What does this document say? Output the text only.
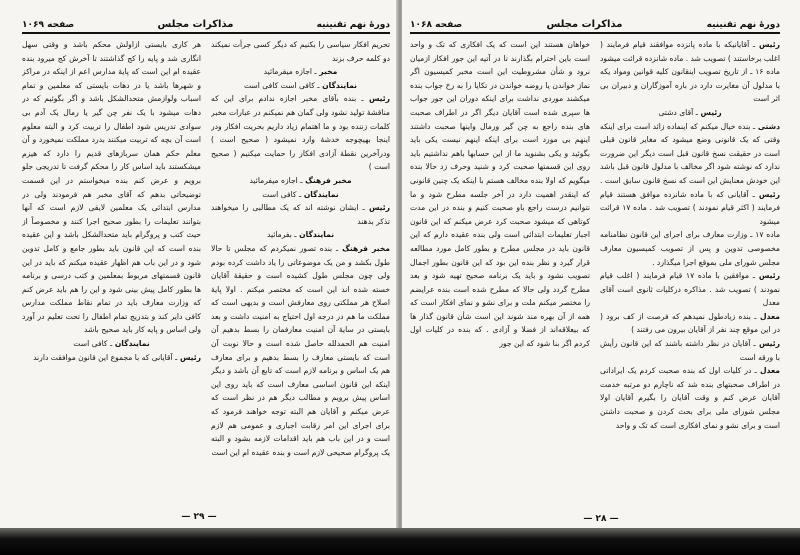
دورهٔ نهم تقنینیه
مذاکرات مجلس
صفحه ۱۰۶۹

تحریم افکار سیاسی را بکنیم که دیگر کسی جرأت نمیکند دو کلمه حرف بزند

مخبر ـ اجازه میفرمائید

نمایندگان ـ کافی است کافی است

رئیس ـ بنده بآقای مخبر اجازه ندادم برای این که مناقشهٔ تولید نشود ولی گمان هم نمیکنم در عبارات مخبر کلمات زننده بود و ما اهتمام زیاد داریم بحریت افکار ودر اینجا بهیچوجه خدشهٔ وارد نمیشود ( صحیح است ) ودرآخرین نقطهٔ آزادی افکار را حمایت میکنیم ( صحیح است )

مخبر فرهنگ ـ اجازه میفرمائید

نمایندگان ـ کافی است

رئیس ـ ایشان نوشته اند که یک مطالبی را میخواهند تذکر بدهند

نمایندگان ـ بفرمائید

مخبر فرهنگ ـ بنده تصور نمیکردم که مجلس تا حالا طول بکشد و من یک موضوعاتی را یاد داشت کرده بودم ولی چون مجلس طول کشیده است و حقیقهٔ آقایان خسته شده اند این است که مختصر میکنم . اولا پایهٔ اصلاح هر مملکتی روی معارفش است و بدیهی است که مملکت ما هم در درجه اول احتیاج به امنیت داشت و بعد بایستی در سایهٔ آن امنیت معارفمان را بسط بدهیم آن امنیت هم الحمدلله حاصل شده است و حالا نوبت آن است که بایستی معارف را بسط بدهیم و برای معارف هم یک اساس و برنامه لازم است که تابع آن باشد و دیگر اینکه این قانون اساسی معارف است که باید روی این اساس پیش برویم و مطالب دیگر هم در نظر است که عرض میکنم و آقایان هم البته توجه خواهند فرمود که برای اجرای این امر رقابت اجباری و عمومی هم لازم است و در این باب هم باید اقدامات لازمه بشود و البته یک پروگرام صحیحی لازم است و بنده عقیده ام این است

هر کاری بایستی ازاولش محکم باشد و وقتی سهل انگاری شد و پایه را کج گذاشتند تا آخرش کج میرود بنده عقیده ام این است که پایهٔ مدارس اعم از اینکه در مراکز و شهرها باشد یا در دهات بایستی که معلمین و تمام اسباب ولوازمش متحدالشکل باشد و اگر بگوئیم که در دهات میشود با یک نفر چن گیر یا رمال یک آدم بی سوادی تدریس شود اطفال را تربیت کرد و البته معلوم است آن بچه که تربیت میکنند بدرد مملکت نمیخورد و آن معلم حکم همان سربازهای قدیم را دارد که هیزم میشکستند باید اساس کار را محکم گرفت تا تدریجی جلو برویم و عرض کنم بنده میخواستم در این قسمت توضیحاتی بدهم که آقای مخبر هم فرمودند ولی در مدارس ابتدائی یک معلمین لایقی لازم است که آنها بتوانند تعلیمات را بطور صحیح اجرا کنند و مخصوصاً از حیث کتب و پروگرام باید متحدالشکل باشد و این عقیده بنده است که این قانون باید بطور جامع و کامل تدوین شود و در این باب هم اظهار عقیده میکنم که باید در این قانون قسمتهای مربوط بمعلمین و کتب درسی و برنامه ها بطور کامل پیش بینی شود و این را هم باید عرض کنم که وزارت معارف باید در تمام نقاط مملکت مدارس کافی دایر کند و بتدریج تمام اطفال را تحت تعلیم در آورد ولی اساس و پایه کار باید صحیح باشد

نمایندگان ـ کافی است

رئیس ـ آقایانی که با مجموع این قانون موافقت دارند

— ۲۹ —
دورهٔ نهم تقنینیه
مذاکرات مجلس
صفحه ۱۰۶۸

رئیس ـ آقایانیکه با ماده پانزده موافقند قیام فرمایند ( اغلب برخاستند ) تصویب شد . ماده شانزده قرائت میشود

ماده ۱۶ ـ از تاریخ تصویب اینقانون کلیه قوانین ومواد یکه با مدلول آن مغایرت دارد در باره آموزگاران و دبیران بی اثر است

رئیس ـ آقای دشتی

دشتی ـ بنده خیال میکنم که اینماده زائد است برای اینکه وقتی که یک قانونی وضع میشود که مغایر قانون قبلی است در حقیقت نسخ قانون قبل است دیگر این ضرورت ندارد که نوشته شود اگر مخالف با مدلول قانون قبل باشد این خودش معنایش این است که نسخ قانون سابق است .

رئیس ـ آقایانی که با ماده شانزده موافق هستند قیام فرمایند ( اکثر قیام نمودند ) تصویب شد . ماده ۱۷ قرائت میشود

ماده ۱۷ ـ وزارت معارف برای اجرای این قانون نظامنامه مخصوصی تدوین و پس از تصویب کمیسیون معارف مجلس شورای ملی بموقع اجرا میگذارد .

رئیس ـ موافقین با ماده ۱۷ قیام فرمایند ( اغلب قیام نمودند ) تصویب شد . مذاکره درکلیات ثانوی است آقای معدل

معدل ـ بنده زیادطول نمیدهم که فرصت از کف برود ( در این موقع چند نفر از آقایان بیرون می رفتند )

رئیس ـ آقایان در نظر داشته باشند که این قانون رأیش با ورقه است

معدل ـ در کلیات اول که بنده صحبت کردم یک ایراداتی در اطراف صحبتهای بنده شد که ناچارم دو مرتبه خدمت آقایان عرض کنم و وقت آقایان را بگیرم آقایان اولا مجلس شورای ملی برای بحث کردن و صحبت داشتن است و برای نشو و نمای افکاری است که تک و واحد

خواهان هستند این است که یک افکاری که تک و واحد است باین احترام بگذارند تا در آتیه این جور افکار ازمیان نرود و شأن مشروطیت این است مخبر کمیسیون اگر نماز خواندن یا روضه خواندن در تکایا را به رخ جواب بنده میکشند موردی نداشت برای اینکه دوران این جور جواب ها سپری شده است آقایان دیگر اگر در اطراف صحبت های بنده راجع به چن گیر ورمال واینها صحبت داشتند اینهم بی مورد است برای اینکه اینهم نیست یکی باید بگوئید و یکی بشنوید ما از این حسابها باهم نداشتیم باید روی این قسمتها صحبت کرد و شنید وحرف زد حالا بنده میگویم که اولا بنده مخالف هستم با اینکه یک چنین قانونی که اینقدر اهمیت دارد در آخر جلسه مطرح شود و ما نتوانیم درست راجع باو صحبت کنیم و بنده در این مدت کوتاهی که میشود صحبت کرد عرض میکنم که این قانون اجبار تعلیمات ابتدائی است ولی بنده عقیده دارم که این قانون باید در مجلس مطرح و بطور کامل مورد مطالعه قرار گیرد و نظر بنده این بود که این قانون بطور اجمال تصویب نشود و باید یک برنامه صحیح تهیه شود و بعد مطرح گردد ولی حالا که مطرح شده است بنده عرایضم را مختصر میکنم ملت و برای نشو و نمای افکار است که همه از آن بهره مند شوند این است شأن قانون گذار ها که بیعلاقه‌اند از فضلا و آزادی . که بنده در کلیات اول کردم اگر بنا شود که این جور

— ۲۸ —
